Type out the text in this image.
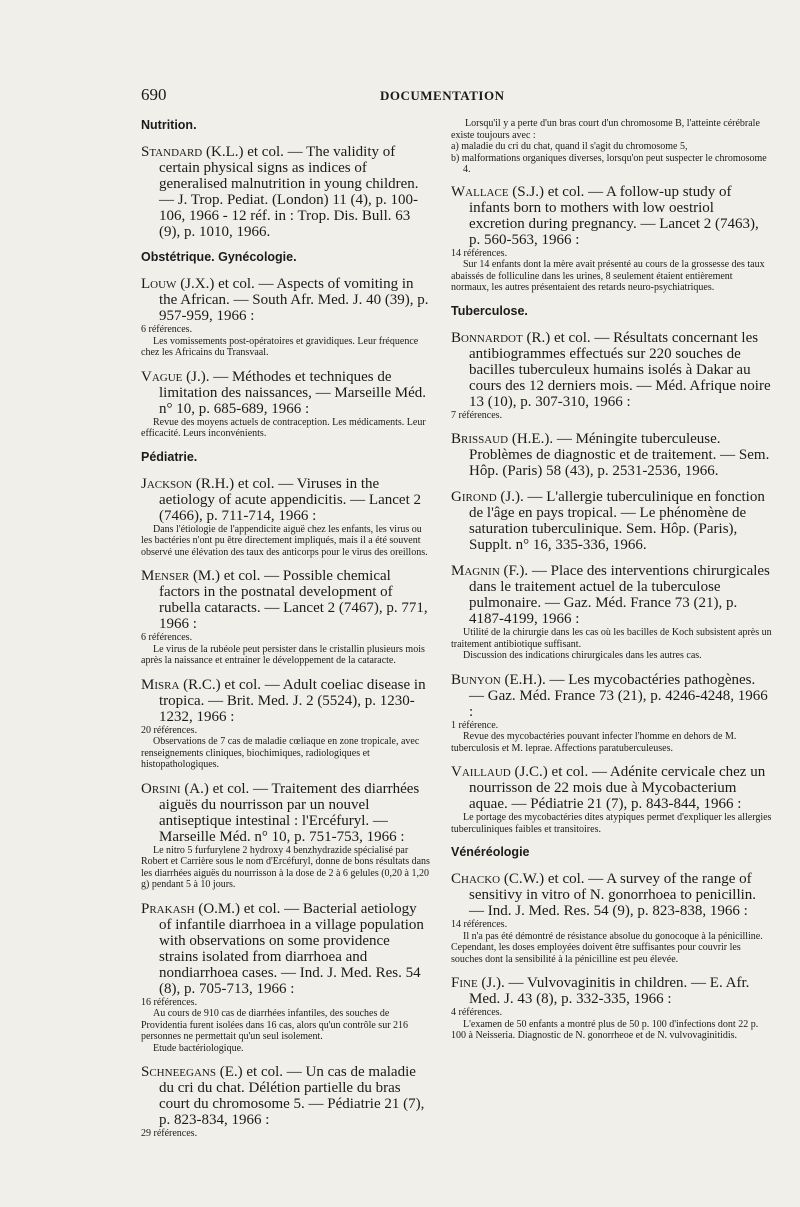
690	DOCUMENTATION
Nutrition.
Standard (K.L.) et col. — The validity of certain physical signs as indices of generalised malnutrition in young children. — J. Trop. Pediat. (London) 11 (4), p. 100-106, 1966 - 12 réf. in : Trop. Dis. Bull. 63 (9), p. 1010, 1966.
Obstétrique. Gynécologie.
Louw (J.X.) et col. — Aspects of vomiting in the African. — South Afr. Med. J. 40 (39), p. 957-959, 1966 :
6 références.
Les vomissements post-opératoires et gravidiques. Leur fréquence chez les Africains du Transvaal.
Vague (J.). — Méthodes et techniques de limitation des naissances, — Marseille Méd. n° 10, p. 685-689, 1966 :
Revue des moyens actuels de contraception. Les médicaments. Leur efficacité. Leurs inconvénients.
Pédiatrie.
Jackson (R.H.) et col. — Viruses in the aetiology of acute appendicitis. — Lancet 2 (7466), p. 711-714, 1966 :
Dans l'étiologie de l'appendicite aiguë chez les enfants, les virus ou les bactéries n'ont pu être directement impliqués, mais il a été souvent observé une élévation des taux des anticorps pour le virus des oreillons.
Menser (M.) et col. — Possible chemical factors in the postnatal development of rubella cataracts. — Lancet 2 (7467), p. 771, 1966 :
6 références.
Le virus de la rubéole peut persister dans le cristallin plusieurs mois après la naissance et entrainer le développement de la cataracte.
Misra (R.C.) et col. — Adult coeliac disease in tropica. — Brit. Med. J. 2 (5524), p. 1230-1232, 1966 :
20 références.
Observations de 7 cas de maladie cœliaque en zone tropicale, avec renseignements cliniques, biochimiques, radiologiques et histopathologiques.
Orsini (A.) et col. — Traitement des diarrhées aiguës du nourrisson par un nouvel antiseptique intestinal : l'Ercéfuryl. — Marseille Méd. n° 10, p. 751-753, 1966 :
Le nitro 5 furfurylene 2 hydroxy 4 benzhydrazide spécialisé par Robert et Carrière sous le nom d'Ercéfuryl, donne de bons résultats dans les diarrhées aiguës du nourrisson à la dose de 2 à 6 gelules (0,20 à 1,20 g) pendant 5 à 10 jours.
Prakash (O.M.) et col. — Bacterial aetiology of infantile diarrhoea in a village population with observations on some providence strains isolated from diarrhoea and nondiarrhoea cases. — Ind. J. Med. Res. 54 (8), p. 705-713, 1966 :
16 références.
Au cours de 910 cas de diarrhées infantiles, des souches de Providentia furent isolées dans 16 cas, alors qu'un contrôle sur 216 personnes ne permettait qu'un seul isolement.
Etude bactériologique.
Schneegans (E.) et col. — Un cas de maladie du cri du chat. Délétion partielle du bras court du chromosome 5. — Pédiatrie 21 (7), p. 823-834, 1966 :
29 références.
Lorsqu'il y a perte d'un bras court d'un chromosome B, l'atteinte cérébrale existe toujours avec :
a) maladie du cri du chat, quand il s'agit du chromosome 5,
b) malformations organiques diverses, lorsqu'on peut suspecter le chromosome 4.
Wallace (S.J.) et col. — A follow-up study of infants born to mothers with low oestriol excretion during pregnancy. — Lancet 2 (7463), p. 560-563, 1966 :
14 références.
Sur 14 enfants dont la mère avait présenté au cours de la grossesse des taux abaissés de folliculine dans les urines, 8 seulement étaient entièrement normaux, les autres présentaient des retards neuro-psychiatriques.
Tuberculose.
Bonnardot (R.) et col. — Résultats concernant les antibiogrammes effectués sur 220 souches de bacilles tuberculeux humains isolés à Dakar au cours des 12 derniers mois. — Méd. Afrique noire 13 (10), p. 307-310, 1966 :
7 références.
Brissaud (H.E.). — Méningite tuberculeuse. Problèmes de diagnostic et de traitement. — Sem. Hôp. (Paris) 58 (43), p. 2531-2536, 1966.
Girond (J.). — L'allergie tuberculinique en fonction de l'âge en pays tropical. — Le phénomène de saturation tuberculinique. Sem. Hôp. (Paris), Supplt. n° 16, 335-336, 1966.
Magnin (F.). — Place des interventions chirurgicales dans le traitement actuel de la tuberculose pulmonaire. — Gaz. Méd. France 73 (21), p. 4187-4199, 1966 :
Utilité de la chirurgie dans les cas où les bacilles de Koch subsistent après un traitement antibiotique suffisant.
Discussion des indications chirurgicales dans les autres cas.
Bunyon (E.H.). — Les mycobactéries pathogènes. — Gaz. Méd. France 73 (21), p. 4246-4248, 1966 :
1 référence.
Revue des mycobactéries pouvant infecter l'homme en dehors de M. tuberculosis et M. leprae. Affections paratuberculeuses.
Vaillaud (J.C.) et col. — Adénite cervicale chez un nourrisson de 22 mois due à Mycobacterium aquae. — Pédiatrie 21 (7), p. 843-844, 1966 :
Le portage des mycobactéries dites atypiques permet d'expliquer les allergies tuberculiniques faibles et transitoires.
Vénéréologie
Chacko (C.W.) et col. — A survey of the range of sensitivy in vitro of N. gonorrhoea to penicillin. — Ind. J. Med. Res. 54 (9), p. 823-838, 1966 :
14 références.
Il n'a pas été démontré de résistance absolue du gonocoque à la pénicilline. Cependant, les doses employées doivent être suffisantes pour couvrir les souches dont la sensibilité à la pénicilline est peu élevée.
Fine (J.). — Vulvovaginitis in children. — E. Afr. Med. J. 43 (8), p. 332-335, 1966 :
4 références.
L'examen de 50 enfants a montré plus de 50 p. 100 d'infections dont 22 p. 100 à Neisseria. Diagnostic de N. gonorrheoe et de N. vulvovaginitidis.
